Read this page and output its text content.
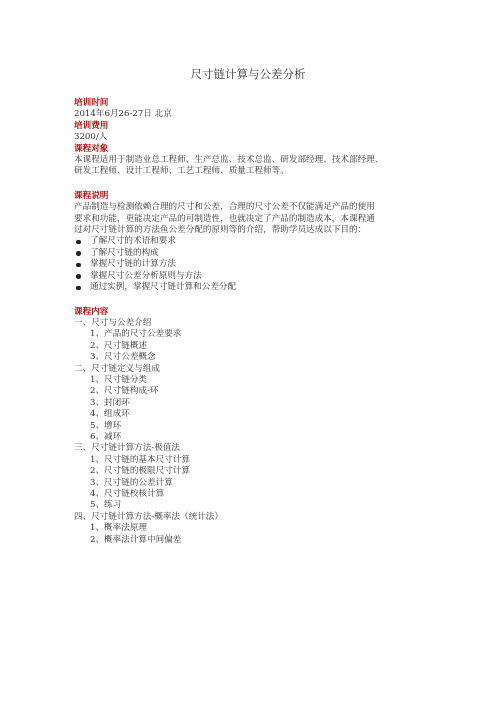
尺寸链计算与公差分析
培训时间
2014年6月26-27日 北京
培训费用
3200/人
课程对象
本课程适用于制造业总工程师、生产总监、技术总监、研发部经理、技术部经理、
研发工程师、设计工程师、工艺工程师、质量工程师等。
课程说明
产品制造与检测依赖合理的尺寸和公差，合理的尺寸公差不仅能满足产品的使用
要求和功能，更能决定产品的可制造性，也就决定了产品的制造成本，本课程通
过对尺寸链计算的方法鱼公差分配的原则等的介绍，帮助学员达成以下目的：
了解尺寸的术语和要求
了解尺寸链的构成
掌握尺寸链的计算方法
掌握尺寸公差分析原则与方法
通过实例，掌握尺寸链计算和公差分配
课程内容
一、尺寸与公差介绍
1、产品的尺寸公差要求
2、尺寸链概述
3、尺寸公差概念
二、尺寸链定义与组成
1、尺寸链分类
2、尺寸链构成-环
3、封闭环
4、组成环
5、增环
6、减环
三、尺寸链计算方法-极值法
1、尺寸链的基本尺寸计算
2、尺寸链的极限尺寸计算
3、尺寸链的公差计算
4、尺寸链校核计算
5、练习
四、尺寸链计算方法-概率法（统计法）
1、概率法原理
2、概率法计算中间偏差
